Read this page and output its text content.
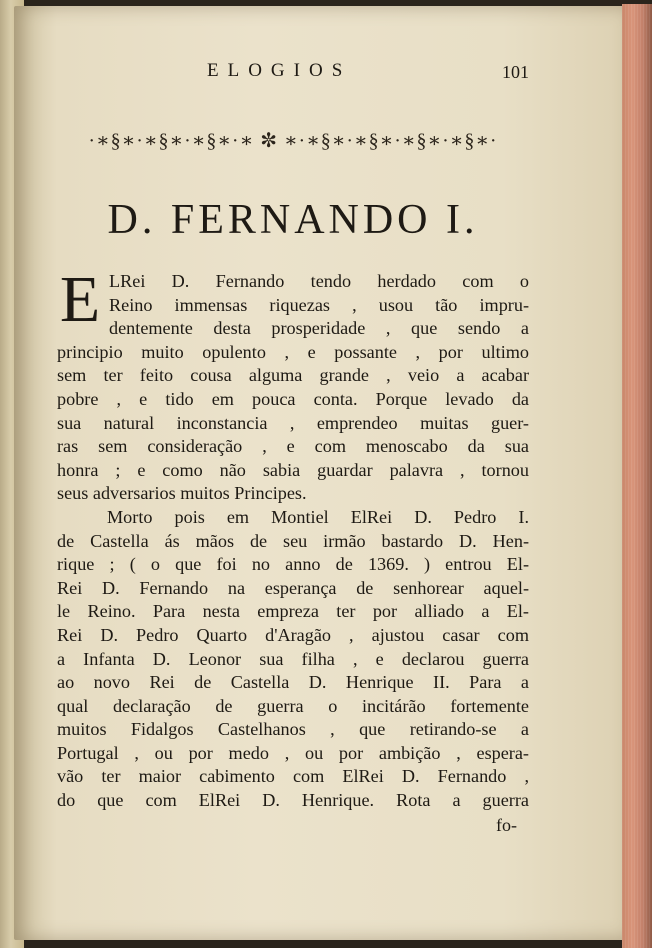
ELOGIOS	101
·∗§∗·∗§∗·∗§∗·∗ ✼ ∗·∗§∗·∗§∗·∗§∗·∗§∗·
D. FERNANDO I.
E LRei D. Fernando tendo herdado com o
Reino immensas riquezas , usou tão impru-
dentemente desta prosperidade , que sendo a
principio muito opulento , e possante , por ultimo
sem ter feito cousa alguma grande , veio a acabar
pobre , e tido em pouca conta. Porque levado da
sua natural inconstancia , emprendeo muitas guer-
ras sem consideração , e com menoscabo da sua
honra ; e como não sabia guardar palavra , tornou
seus adversarios muitos Principes.
Morto pois em Montiel ElRei D. Pedro I.
de Castella ás mãos de seu irmão bastardo D. Hen-
rique ; ( o que foi no anno de 1369. ) entrou El-
Rei D. Fernando na esperança de senhorear aquel-
le Reino. Para nesta empreza ter por alliado a El-
Rei D. Pedro Quarto d'Aragão , ajustou casar com
a Infanta D. Leonor sua filha , e declarou guerra
ao novo Rei de Castella D. Henrique II. Para a
qual declaração de guerra o incitárão fortemente
muitos Fidalgos Castelhanos , que retirando-se a
Portugal , ou por medo , ou por ambição , espera-
vão ter maior cabimento com ElRei D. Fernando ,
do que com ElRei D. Henrique. Rota a guerra
fo-
